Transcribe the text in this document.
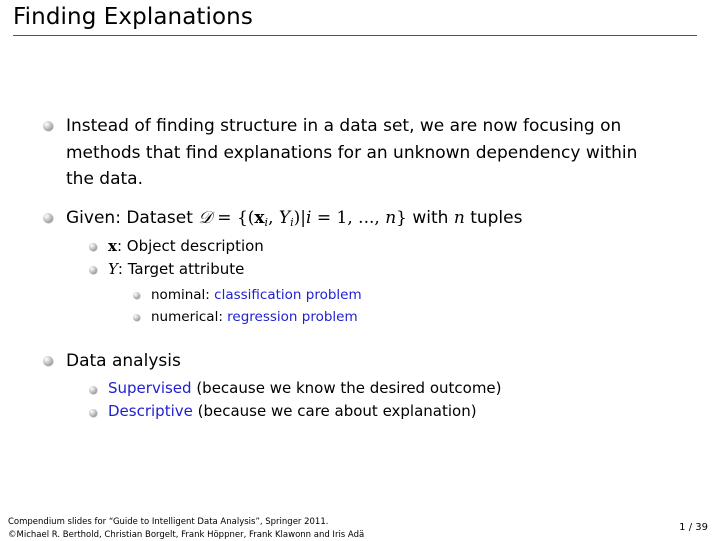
Finding Explanations
Instead of finding structure in a data set, we are now focusing on
methods that find explanations for an unknown dependency within
the data.
Given: Dataset 𝒟 = {($x_i$, $Y_i)|i = 1$, ..., n} with n tuples
x: Object description
Y: Target attribute
nominal: classification problem
numerical: regression problem
Data analysis
Supervised (because we know the desired outcome)
Descriptive (because we care about explanation)
Compendium slides for “Guide to Intelligent Data Analysis”, Springer 2011.
©Michael R. Berthold, Christian Borgelt, Frank Höppner, Frank Klawonn and Iris Adä
1 / 39
